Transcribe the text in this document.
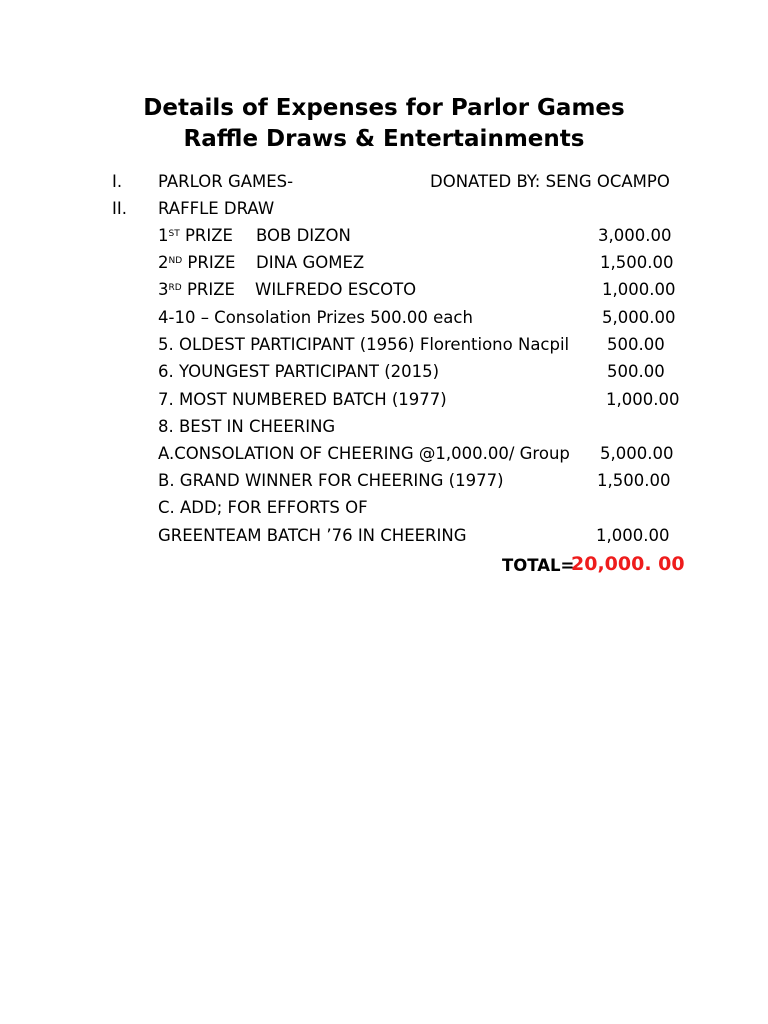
Details of Expenses for Parlor Games
Raffle Draws & Entertainments
I. PARLOR GAMES-	DONATED BY: SENG OCAMPO
II. RAFFLE DRAW
1ST PRIZE BOB DIZON	3,000.00
2ND PRIZE DINA GOMEZ	1,500.00
3RD PRIZE WILFREDO ESCOTO	1,000.00
4-10 – Consolation Prizes 500.00 each	5,000.00
5. OLDEST PARTICIPANT (1956) Florentiono Nacpil 500.00
6. YOUNGEST PARTICIPANT (2015)	500.00
7. MOST NUMBERED BATCH (1977)	1,000.00
8. BEST IN CHEERING
A.CONSOLATION OF CHEERING @1,000.00/ Group 5,000.00
B. GRAND WINNER FOR CHEERING (1977)	1,500.00
C. ADD; FOR EFFORTS OF
GREENTEAM BATCH ’76 IN CHEERING	1,000.00
TOTAL=
20,000. 00
